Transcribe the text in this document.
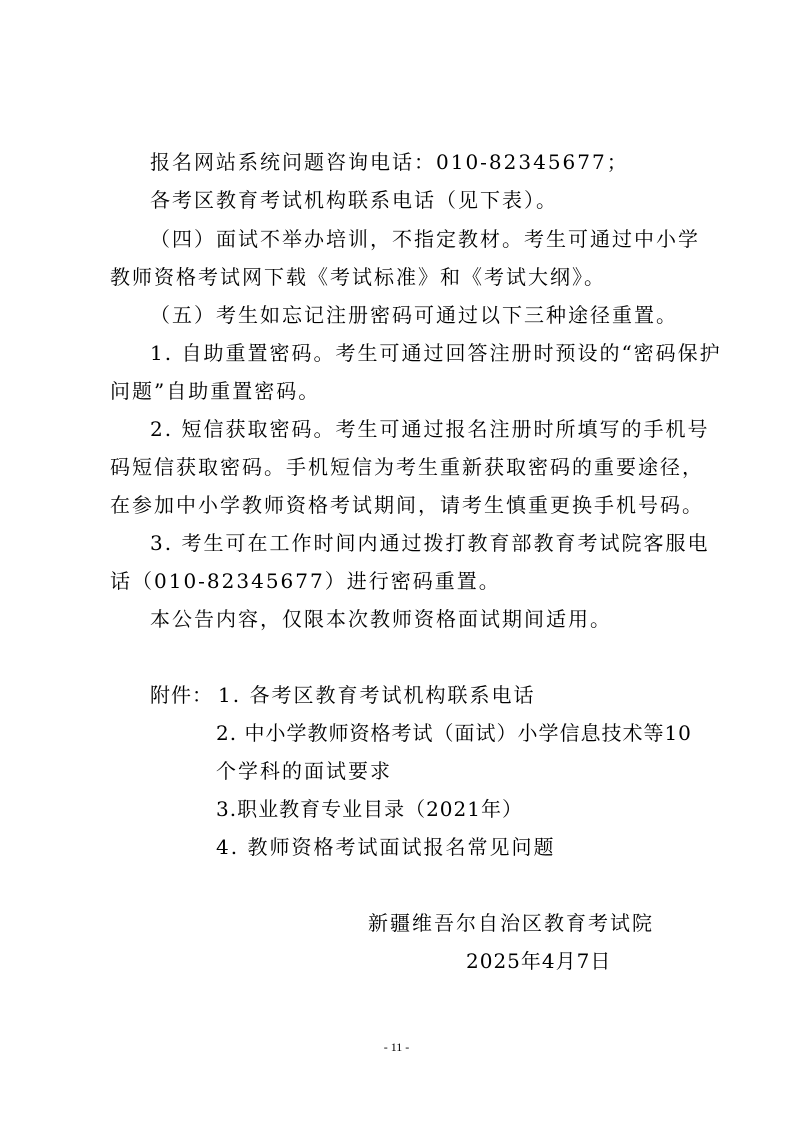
报名网站系统问题咨询电话：010-82345677；
各考区教育考试机构联系电话（见下表）。
（四）面试不举办培训，不指定教材。考生可通过中小学
教师资格考试网下载《考试标准》和《考试大纲》。
（五）考生如忘记注册密码可通过以下三种途径重置。
1. 自助重置密码。考生可通过回答注册时预设的“密码保护
问题”自助重置密码。
2. 短信获取密码。考生可通过报名注册时所填写的手机号
码短信获取密码。手机短信为考生重新获取密码的重要途径，
在参加中小学教师资格考试期间，请考生慎重更换手机号码。
3. 考生可在工作时间内通过拨打教育部教育考试院客服电
话（010-82345677）进行密码重置。
本公告内容，仅限本次教师资格面试期间适用。
附件： 1. 各考区教育考试机构联系电话
2. 中小学教师资格考试（面试）小学信息技术等10
个学科的面试要求
3.职业教育专业目录（2021年）
4. 教师资格考试面试报名常见问题
新疆维吾尔自治区教育考试院
2025年4月7日
- 11 -
